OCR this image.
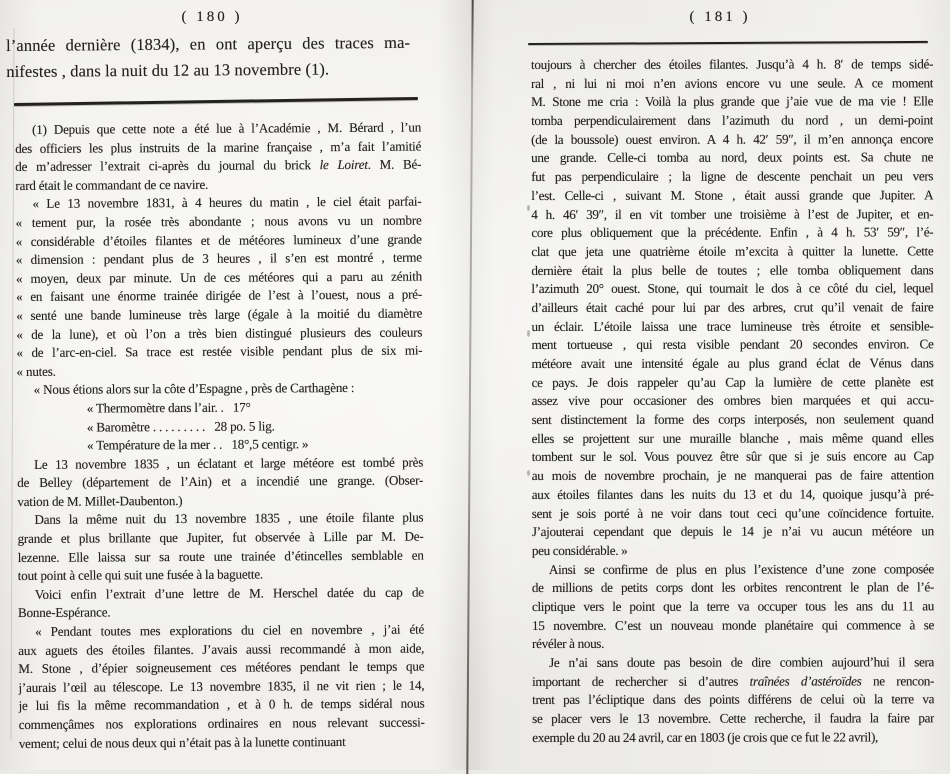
( 180 )
l’année dernière (1834), en ont aperçu des traces ma-
nifestes , dans la nuit du 12 au 13 novembre (1).
(1) Depuis que cette note a été lue à l’Académie , M. Bérard , l’un
des officiers les plus instruits de la marine française , m’a fait l’amitié
de m’adresser l’extrait ci-après du journal du brick le Loiret. M. Bé-
rard était le commandant de ce navire.
« Le 13 novembre 1831, à 4 heures du matin , le ciel était parfai-
« tement pur, la rosée très abondante ; nous avons vu un nombre
« considérable d’étoiles filantes et de météores lumineux d’une grande
« dimension : pendant plus de 3 heures , il s’en est montré , terme
« moyen, deux par minute. Un de ces météores qui a paru au zénith
« en faisant une énorme trainée dirigée de l’est à l’ouest, nous a pré-
« senté une bande lumineuse très large (égale à la moitié du diamètre
« de la lune), et où l’on a très bien distingué plusieurs des couleurs
« de l’arc-en-ciel. Sa trace est restée visible pendant plus de six mi-
« nutes.
« Nous étions alors sur la côte d’Espagne , près de Carthagène :
« Thermomètre dans l’air. .   17°
« Baromètre . . . . . . . . .   28 po. 5 lig.
« Température de la mer . .   18°,5 centigr. »
Le 13 novembre 1835 , un éclatant et large météore est tombé près
de Belley (département de l’Ain) et a incendié une grange. (Obser-
vation de M. Millet-Daubenton.)
Dans la même nuit du 13 novembre 1835 , une étoile filante plus
grande et plus brillante que Jupiter, fut observée à Lille par M. De-
lezenne. Elle laissa sur sa route une trainée d’étincelles semblable en
tout point à celle qui suit une fusée à la baguette.
Voici enfin l’extrait d’une lettre de M. Herschel datée du cap de
Bonne-Espérance.
« Pendant toutes mes explorations du ciel en novembre , j’ai été
aux aguets des étoiles filantes. J’avais aussi recommandé à mon aide,
M. Stone , d’épier soigneusement ces météores pendant le temps que
j’aurais l’œil au télescope. Le 13 novembre 1835, il ne vit rien ; le 14,
je lui fis la même recommandation , et à 0 h. de temps sidéral nous
commençâmes nos explorations ordinaires en nous relevant successi-
vement; celui de nous deux qui n’était pas à la lunette continuant
( 181 )
toujours à chercher des étoiles filantes. Jusqu’à 4 h. 8′ de temps sidé-
ral , ni lui ni moi n’en avions encore vu une seule. A ce moment
M. Stone me cria : Voilà la plus grande que j’aie vue de ma vie ! Elle
tomba perpendiculairement dans l’azimuth du nord , un demi-point
(de la boussole) ouest environ. A 4 h. 42′ 59″, il m’en annonça encore
une grande. Celle-ci tomba au nord, deux points est. Sa chute ne
fut pas perpendiculaire ; la ligne de descente penchait un peu vers
l’est. Celle-ci , suivant M. Stone , était aussi grande que Jupiter. A
4 h. 46′ 39″, il en vit tomber une troisième à l’est de Jupiter, et en-
core plus obliquement que la précédente. Enfin , à 4 h. 53′ 59″, l’é-
clat que jeta une quatrième étoile m’excita à quitter la lunette. Cette
dernière était la plus belle de toutes ; elle tomba obliquement dans
l’azimuth 20° ouest. Stone, qui tournait le dos à ce côté du ciel, lequel
d’ailleurs était caché pour lui par des arbres, crut qu’il venait de faire
un éclair. L’étoile laissa une trace lumineuse très étroite et sensible-
ment tortueuse , qui resta visible pendant 20 secondes environ. Ce
météore avait une intensité égale au plus grand éclat de Vénus dans
ce pays. Je dois rappeler qu’au Cap la lumière de cette planète est
assez vive pour occasioner des ombres bien marquées et qui accu-
sent distinctement la forme des corps interposés, non seulement quand
elles se projettent sur une muraille blanche , mais même quand elles
tombent sur le sol. Vous pouvez être sûr que si je suis encore au Cap
au mois de novembre prochain, je ne manquerai pas de faire attention
aux étoiles filantes dans les nuits du 13 et du 14, quoique jusqu’à pré-
sent je sois porté à ne voir dans tout ceci qu’une coïncidence fortuite.
J’ajouterai cependant que depuis le 14 je n’ai vu aucun météore un
peu considérable. »
Ainsi se confirme de plus en plus l’existence d’une zone composée
de millions de petits corps dont les orbites rencontrent le plan de l’é-
cliptique vers le point que la terre va occuper tous les ans du 11 au
15 novembre. C’est un nouveau monde planétaire qui commence à se
révéler à nous.
Je n’ai sans doute pas besoin de dire combien aujourd’hui il sera
important de rechercher si d’autres traînées d’astéroïdes ne rencon-
trent pas l’écliptique dans des points différens de celui où la terre va
se placer vers le 13 novembre. Cette recherche, il faudra la faire par
exemple du 20 au 24 avril, car en 1803 (je crois que ce fut le 22 avril),
